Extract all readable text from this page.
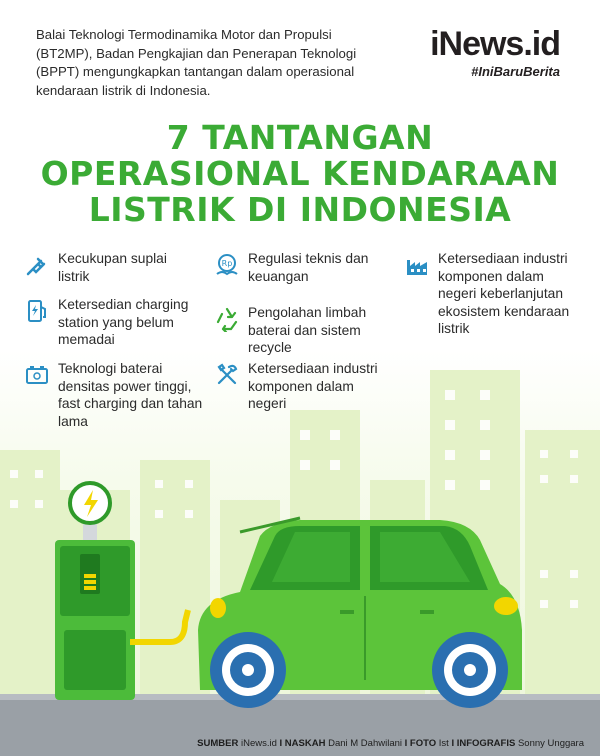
Balai Teknologi Termodinamika Motor dan Propulsi (BT2MP), Badan Pengkajian dan Penerapan Teknologi (BPPT) mengungkapkan tantangan dalam operasional kendaraan listrik di Indonesia.
iNews.id
#IniBaruBerita
7 TANTANGAN
OPERASIONAL KENDARAAN
LISTRIK DI INDONESIA
Kecukupan suplai listrik
Ketersedian charging station yang belum memadai
Teknologi baterai densitas power tinggi, fast charging dan tahan lama
Rp Regulasi teknis dan keuangan
Pengolahan limbah baterai dan sistem recycle
Ketersediaan industri komponen dalam negeri
Ketersediaan industri komponen dalam negeri keberlanjutan ekosistem kendaraan listrik
SUMBER iNews.id I NASKAH Dani M Dahwilani I FOTO Ist I INFOGRAFIS Sonny Unggara
